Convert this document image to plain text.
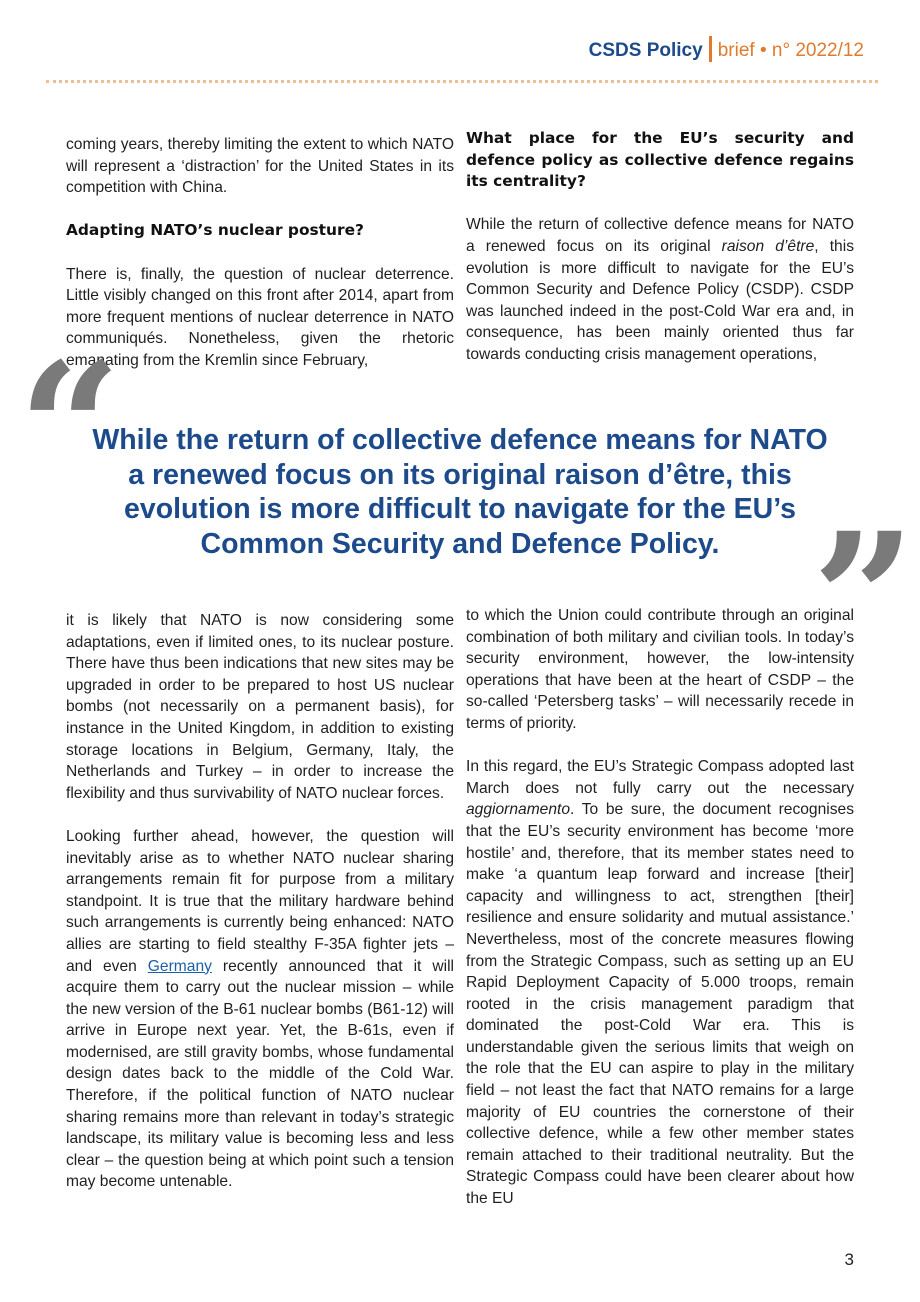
CSDS Policy brief • n° 2022/12

coming years, thereby limiting the extent to which NATO will represent a ‘distraction’ for the United States in its competition with China.

Adapting NATO’s nuclear posture?

There is, finally, the question of nuclear deterrence. Little visibly changed on this front after 2014, apart from more frequent mentions of nuclear deterrence in NATO communiqués. Nonetheless, given the rhetoric emanating from the Kremlin since February,

What place for the EU’s security and defence policy as collective defence regains its centrality?

While the return of collective defence means for NATO a renewed focus on its original raison d’être, this evolution is more difficult to navigate for the EU’s Common Security and Defence Policy (CSDP). CSDP was launched indeed in the post-Cold War era and, in consequence, has been mainly oriented thus far towards conducting crisis management operations,

“
While the return of collective defence means for NATO a renewed focus on its original raison d’être, this evolution is more difficult to navigate for the EU’s Common Security and Defence Policy. ”

it is likely that NATO is now considering some adaptations, even if limited ones, to its nuclear posture. There have thus been indications that new sites may be upgraded in order to be prepared to host US nuclear bombs (not necessarily on a permanent basis), for instance in the United Kingdom, in addition to existing storage locations in Belgium, Germany, Italy, the Netherlands and Turkey – in order to increase the flexibility and thus survivability of NATO nuclear forces.

Looking further ahead, however, the question will inevitably arise as to whether NATO nuclear sharing arrangements remain fit for purpose from a military standpoint. It is true that the military hardware behind such arrangements is currently being enhanced: NATO allies are starting to field stealthy F-35A fighter jets – and even Germany recently announced that it will acquire them to carry out the nuclear mission – while the new version of the B-61 nuclear bombs (B61-12) will arrive in Europe next year. Yet, the B-61s, even if modernised, are still gravity bombs, whose fundamental design dates back to the middle of the Cold War. Therefore, if the political function of NATO nuclear sharing remains more than relevant in today’s strategic landscape, its military value is becoming less and less clear – the question being at which point such a tension may become untenable.

to which the Union could contribute through an original combination of both military and civilian tools. In today’s security environment, however, the low-intensity operations that have been at the heart of CSDP – the so-called ‘Petersberg tasks’ – will necessarily recede in terms of priority.

In this regard, the EU’s Strategic Compass adopted last March does not fully carry out the necessary aggiornamento. To be sure, the document recognises that the EU’s security environment has become ‘more hostile’ and, therefore, that its member states need to make ‘a quantum leap forward and increase [their] capacity and willingness to act, strengthen [their] resilience and ensure solidarity and mutual assistance.’ Nevertheless, most of the concrete measures flowing from the Strategic Compass, such as setting up an EU Rapid Deployment Capacity of 5.000 troops, remain rooted in the crisis management paradigm that dominated the post-Cold War era. This is understandable given the serious limits that weigh on the role that the EU can aspire to play in the military field – not least the fact that NATO remains for a large majority of EU countries the cornerstone of their collective defence, while a few other member states remain attached to their traditional neutrality. But the Strategic Compass could have been clearer about how the EU

3
